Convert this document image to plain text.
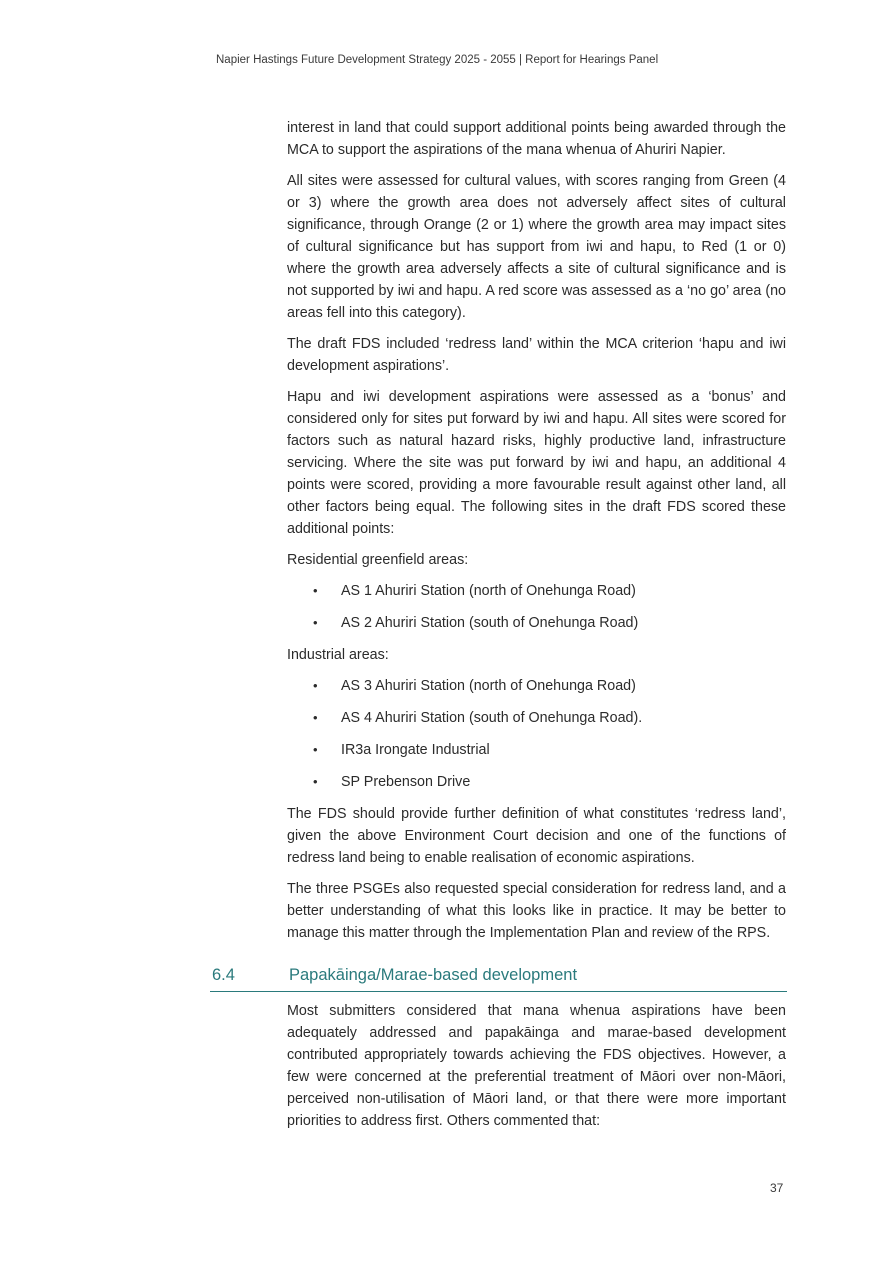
Napier Hastings Future Development Strategy 2025 - 2055 | Report for Hearings Panel

interest in land that could support additional points being awarded through the MCA to support the aspirations of the mana whenua of Ahuriri Napier.

All sites were assessed for cultural values, with scores ranging from Green (4 or 3) where the growth area does not adversely affect sites of cultural significance, through Orange (2 or 1) where the growth area may impact sites of cultural significance but has support from iwi and hapu, to Red (1 or 0) where the growth area adversely affects a site of cultural significance and is not supported by iwi and hapu. A red score was assessed as a ‘no go’ area (no areas fell into this category).

The draft FDS included ‘redress land’ within the MCA criterion ‘hapu and iwi development aspirations’.

Hapu and iwi development aspirations were assessed as a ‘bonus’ and considered only for sites put forward by iwi and hapu. All sites were scored for factors such as natural hazard risks, highly productive land, infrastructure servicing. Where the site was put forward by iwi and hapu, an additional 4 points were scored, providing a more favourable result against other land, all other factors being equal. The following sites in the draft FDS scored these additional points:

Residential greenfield areas:

• AS 1 Ahuriri Station (north of Onehunga Road)
• AS 2 Ahuriri Station (south of Onehunga Road)

Industrial areas:

• AS 3 Ahuriri Station (north of Onehunga Road)
• AS 4 Ahuriri Station (south of Onehunga Road).
• IR3a Irongate Industrial
• SP Prebenson Drive

The FDS should provide further definition of what constitutes ‘redress land’, given the above Environment Court decision and one of the functions of redress land being to enable realisation of economic aspirations.

The three PSGEs also requested special consideration for redress land, and a better understanding of what this looks like in practice. It may be better to manage this matter through the Implementation Plan and review of the RPS.

6.4	Papakāinga/Marae-based development

Most submitters considered that mana whenua aspirations have been adequately addressed and papakāinga and marae-based development contributed appropriately towards achieving the FDS objectives. However, a few were concerned at the preferential treatment of Māori over non-Māori, perceived non-utilisation of Māori land, or that there were more important priorities to address first. Others commented that:

37
